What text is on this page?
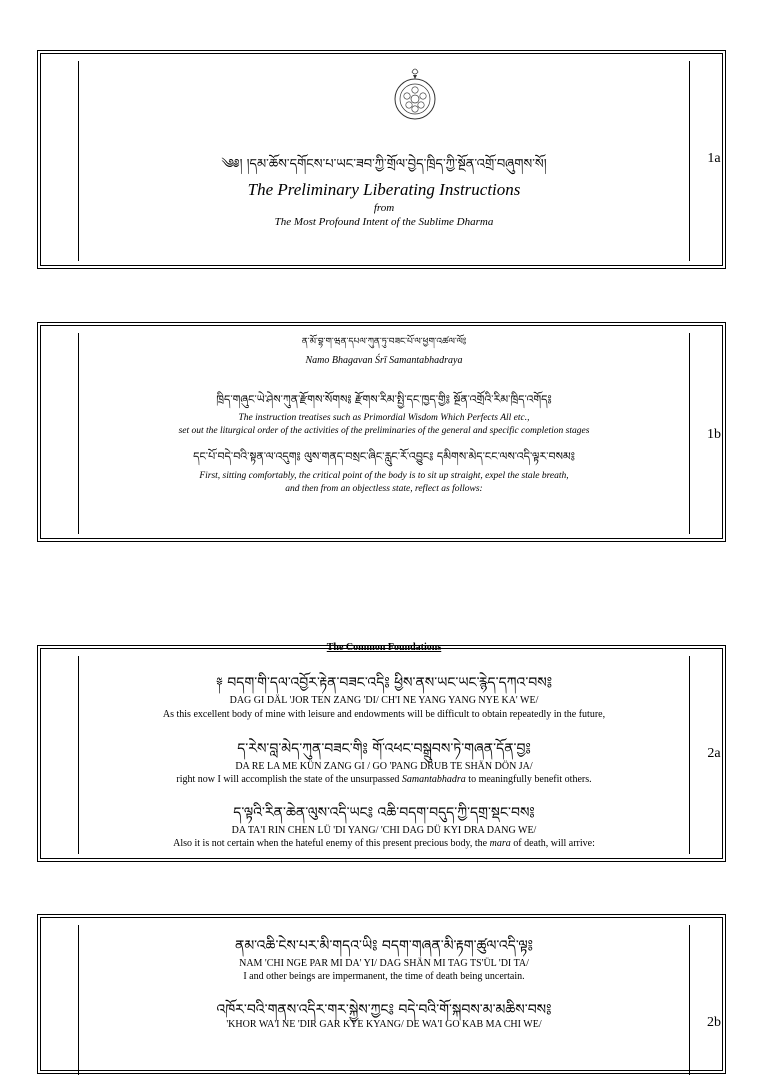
1a
༄༅། །དམ་ཆོས་དགོངས་པ་ཡང་ཟབ་ཀྱི་གྲོལ་བྱེད་ཁྲིད་ཀྱི་སྔོན་འགྲོ་བཞུགས་སོ།
The Preliminary Liberating Instructions
from
The Most Profound Intent of the Sublime Dharma
1b
ན་མོ་བྷ་ག་ཝན་དཔལ་ཀུན་ཏུ་བཟང་པོ་ལ་ཕྱག་འཚལ་ལོ༔
Namo Bhagavan Śrī Samantabhadraya
ཁྲིད་གཞུང་ཡེ་ཤེས་ཀུན་རྫོགས་སོགས༔ རྫོགས་རིམ་སྤྱི་དང་ཁྱད་གྱི༔ སྔོན་འགྲོའི་རིམ་ཁྲིད་འགོད༔
The instruction treatises such as Primordial Wisdom Which Perfects All etc.,
set out the liturgical order of the activities of the preliminaries of the general and specific completion stages
དང་པོ་བདེ་བའི་སྟན་ལ་འདུག༔ ལུས་གནད་བསྲང་ཞིང་རླུང་རོ་འབྱུང༔ དམིགས་མེད་ངང་ལས་འདི་ལྟར་བསམ༔
First, sitting comfortably, the critical point of the body is to sit up straight, expel the stale breath,
and then from an objectless state, reflect as follows:
2a
The Common Foundations
༈ བདག་གི་དལ་འབྱོར་རྟེན་བཟང་འདི༔ ཕྱིས་ནས་ཡང་ཡང་རྙེད་དཀའ་བས༔
DAG GI DÄL 'JOR TEN ZANG 'DI/ CH'I NE YANG YANG NYE KA' WE/
As this excellent body of mine with leisure and endowments will be difficult to obtain repeatedly in the future,
ད་རེས་བླ་མེད་ཀུན་བཟང་གི༔ གོ་འཕང་བསྒྲུབས་ཏེ་གཞན་དོན་བྱ༔
DA RE LA ME KÜN ZANG GI / GO 'PANG DRUB TE SHÄN DÖN JA/
right now I will accomplish the state of the unsurpassed Samantabhadra to meaningfully benefit others.
ད་ལྟའི་རིན་ཆེན་ལུས་འདི་ཡང༔ འཆི་བདག་བདུད་ཀྱི་དགྲ་སྡང་བས༔
DA TA'I RIN CHEN LÜ 'DI YANG/ 'CHI DAG DÜ KYI DRA DANG WE/
Also it is not certain when the hateful enemy of this present precious body, the mara of death, will arrive:
2b
ནམ་འཆི་ངེས་པར་མི་གདའ་ཡི༔ བདག་གཞན་མི་རྟག་ཚུལ་འདི་ལྟ༔
NAM 'CHI NGE PAR MI DA' YI/ DAG SHÄN MI TAG TS'ÜL 'DI TA/
I and other beings are impermanent, the time of death being uncertain.
འཁོར་བའི་གནས་འདིར་གར་སྐྱེས་ཀྱང༔ བདེ་བའི་གོ་སྐབས་མ་མཆིས་བས༔
'KHOR WA'I NE 'DIR GAR KYE KYANG/ DE WA'I GO KAB MA CHI WE/
